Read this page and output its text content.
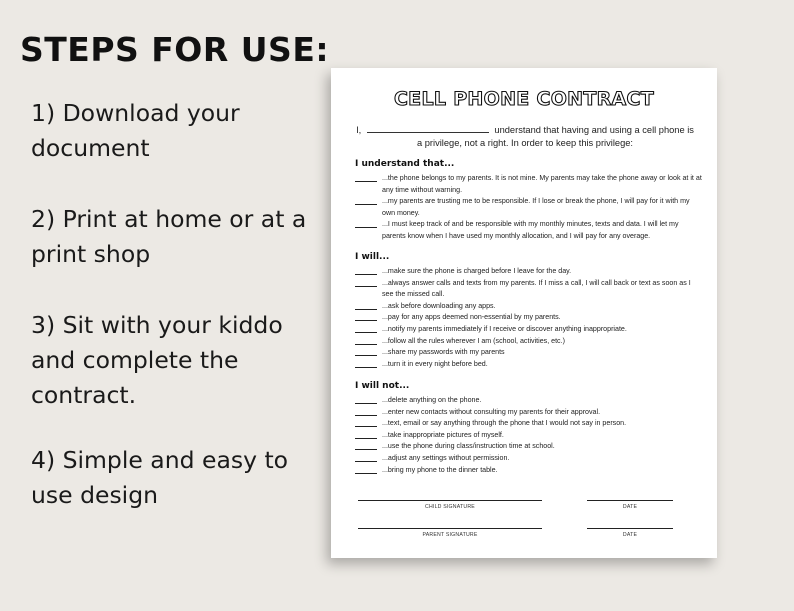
STEPS FOR USE:
1) Download your document
2) Print at home or at a print shop
3) Sit with your kiddo and complete the contract.
4) Simple and easy to use design
CELL PHONE CONTRACT
I,	understand that having and using a cell phone is
a privilege, not a right. In order to keep this privilege:
I understand that...
...the phone belongs to my parents. It is not mine. My parents may take the phone away or look at it at any time without warning.
...my parents are trusting me to be responsible. If I lose or break the phone, I will pay for it with my own money.
...I must keep track of and be responsible with my monthly minutes, texts and data. I will let my parents know when I have used my monthly allocation, and I will pay for any overage.
I will...
...make sure the phone is charged before I leave for the day.
...always answer calls and texts from my parents. If I miss a call, I will call back or text as soon as I see the missed call.
...ask before downloading any apps.
...pay for any apps deemed non-essential by my parents.
...notify my parents immediately if I receive or discover anything inappropriate.
...follow all the rules wherever I am (school, activities, etc.)
...share my passwords with my parents
...turn it in every night before bed.
I will not...
...delete anything on the phone.
...enter new contacts without consulting my parents for their approval.
...text, email or say anything through the phone that I would not say in person.
...take inappropriate pictures of myself.
...use the phone during class/instruction time at school.
...adjust any settings without permission.
...bring my phone to the dinner table.
CHILD SIGNATURE	DATE
PARENT SIGNATURE	DATE
